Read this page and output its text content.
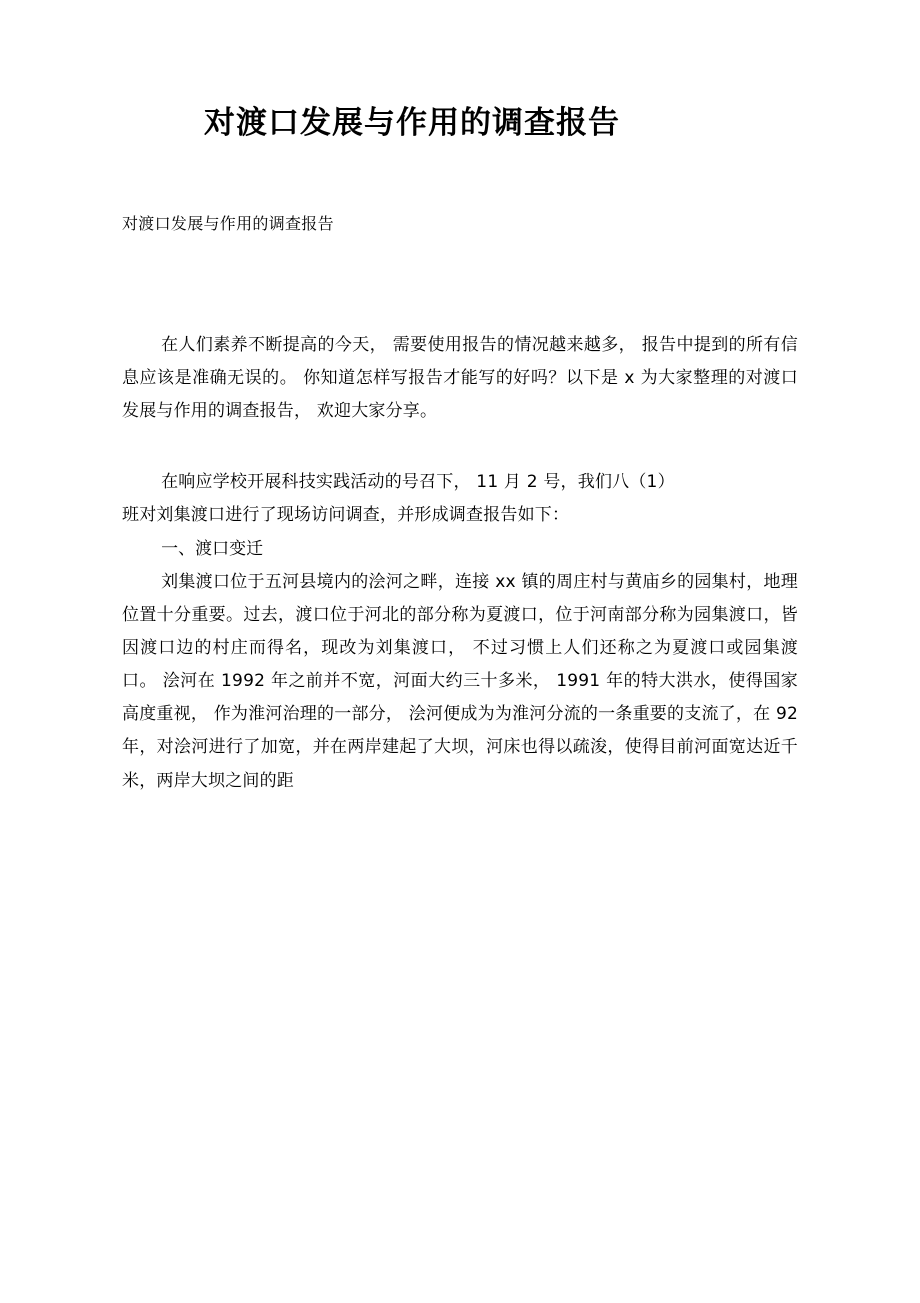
对渡口发展与作用的调查报告

对渡口发展与作用的调查报告

在人们素养不断提高的今天， 需要使用报告的情况越来越多， 报告中提到的所有信息应该是准确无误的。 你知道怎样写报告才能写的好吗？以下是 x 为大家整理的对渡口发展与作用的调查报告， 欢迎大家分享。

在响应学校开展科技实践活动的号召下， 11 月 2 号，我们八（1）

班对刘集渡口进行了现场访问调查，并形成调查报告如下：

一、渡口变迁

刘集渡口位于五河县境内的浍河之畔，连接 xx 镇的周庄村与黄庙乡的园集村，地理位置十分重要。过去，渡口位于河北的部分称为夏渡口，位于河南部分称为园集渡口，皆因渡口边的村庄而得名，现改为刘集渡口， 不过习惯上人们还称之为夏渡口或园集渡口。 浍河在 1992 年之前并不宽，河面大约三十多米， 1991 年的特大洪水，使得国家高度重视， 作为淮河治理的一部分， 浍河便成为为淮河分流的一条重要的支流了，在 92 年，对浍河进行了加宽，并在两岸建起了大坝，河床也得以疏浚，使得目前河面宽达近千米，两岸大坝之间的距
